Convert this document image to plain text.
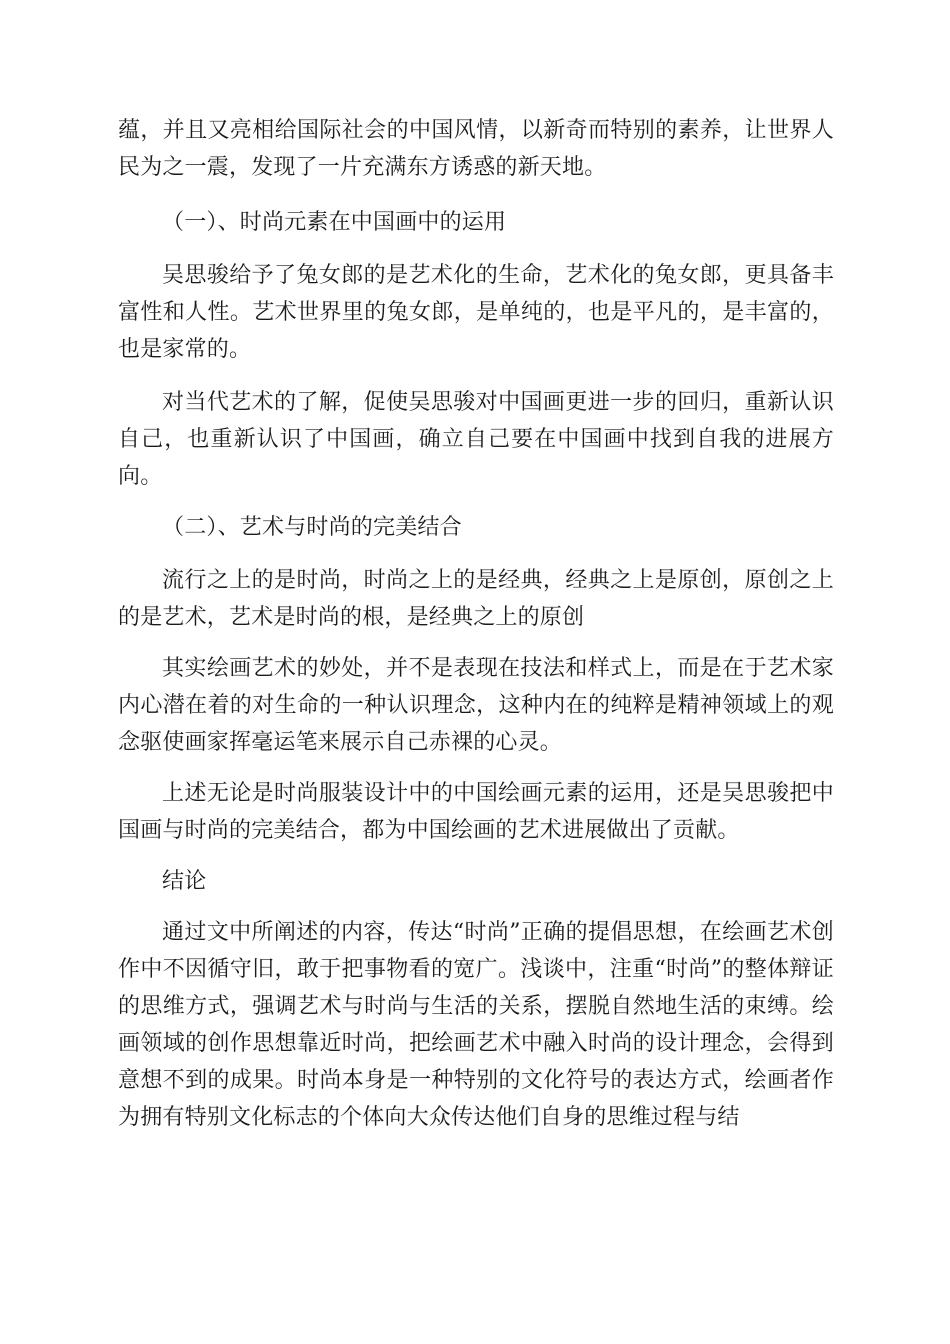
蕴，并且又亮相给国际社会的中国风情，以新奇而特别的素养，让世界人民为之一震，发现了一片充满东方诱惑的新天地。

（一）、时尚元素在中国画中的运用

吴思骏给予了兔女郎的是艺术化的生命，艺术化的兔女郎，更具备丰富性和人性。艺术世界里的兔女郎，是单纯的，也是平凡的，是丰富的，也是家常的。

对当代艺术的了解，促使吴思骏对中国画更进一步的回归，重新认识自己，也重新认识了中国画，确立自己要在中国画中找到自我的进展方向。

（二）、艺术与时尚的完美结合

流行之上的是时尚，时尚之上的是经典，经典之上是原创，原创之上的是艺术，艺术是时尚的根，是经典之上的原创

其实绘画艺术的妙处，并不是表现在技法和样式上，而是在于艺术家内心潜在着的对生命的一种认识理念，这种内在的纯粹是精神领域上的观念驱使画家挥毫运笔来展示自己赤裸的心灵。

上述无论是时尚服装设计中的中国绘画元素的运用，还是吴思骏把中国画与时尚的完美结合，都为中国绘画的艺术进展做出了贡献。

结论

通过文中所阐述的内容，传达“时尚”正确的提倡思想，在绘画艺术创作中不因循守旧，敢于把事物看的宽广。浅谈中，注重“时尚”的整体辩证的思维方式，强调艺术与时尚与生活的关系，摆脱自然地生活的束缚。绘画领域的创作思想靠近时尚，把绘画艺术中融入时尚的设计理念，会得到意想不到的成果。时尚本身是一种特别的文化符号的表达方式，绘画者作为拥有特别文化标志的个体向大众传达他们自身的思维过程与结
